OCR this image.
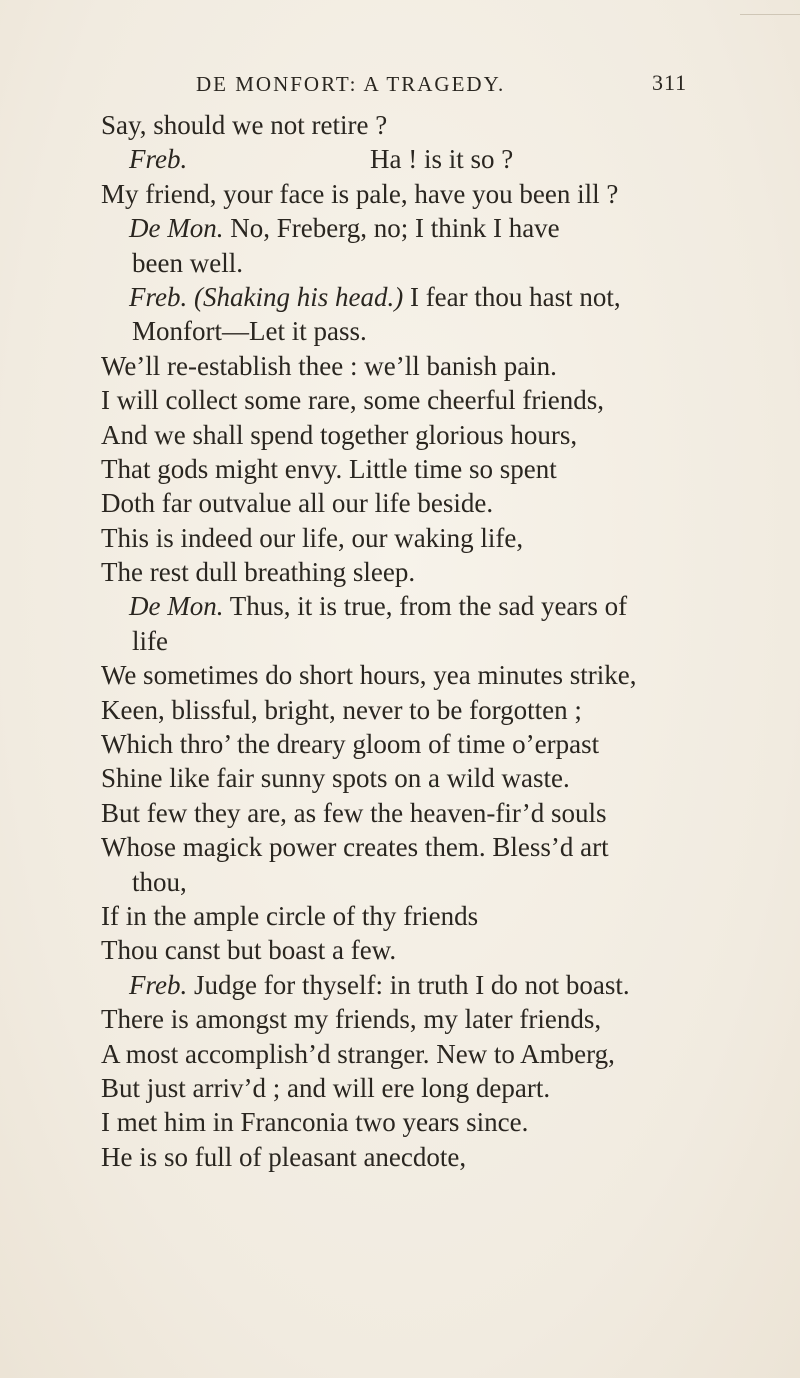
DE MONFORT: A TRAGEDY.	311
Say, should we not retire ?
Freb.	Ha ! is it so ?
My friend, your face is pale, have you been ill ?
De Mon. No, Freberg, no; I think I have
been well.
Freb. (Shaking his head.) I fear thou hast not,
Monfort—Let it pass.
We’ll re-establish thee : we’ll banish pain.
I will collect some rare, some cheerful friends,
And we shall spend together glorious hours,
That gods might envy. Little time so spent
Doth far outvalue all our life beside.
This is indeed our life, our waking life,
The rest dull breathing sleep.
De Mon. Thus, it is true, from the sad years of
life
We sometimes do short hours, yea minutes strike,
Keen, blissful, bright, never to be forgotten ;
Which thro’ the dreary gloom of time o’erpast
Shine like fair sunny spots on a wild waste.
But few they are, as few the heaven-fir’d souls
Whose magick power creates them. Bless’d art
thou,
If in the ample circle of thy friends
Thou canst but boast a few.
Freb. Judge for thyself: in truth I do not boast.
There is amongst my friends, my later friends,
A most accomplish’d stranger. New to Amberg,
But just arriv’d ; and will ere long depart.
I met him in Franconia two years since.
He is so full of pleasant anecdote,
